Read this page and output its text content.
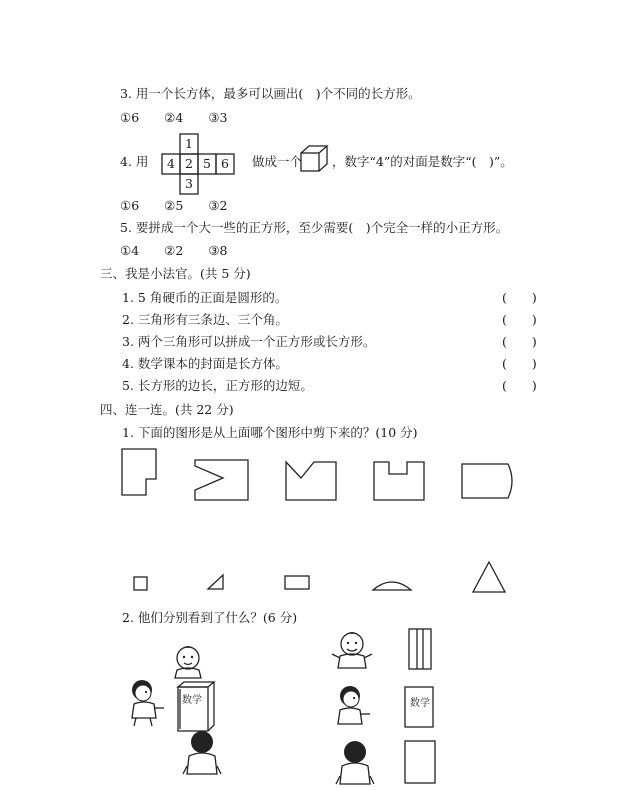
3. 用一个长方体，最多可以画出(　)个不同的长方形。
①6　　②4　　③3
4. 用
1
4 2 5 6
3
做成一个 ，数字“4”的对面是数字“(　)”。
①6　　②5　　③2
5. 要拼成一个大一些的正方形，至少需要(　)个完全一样的小正方形。
①4　　②2　　③8
三、我是小法官。(共 5 分)
1. 5 角硬币的正面是圆形的。	(　　)
2. 三角形有三条边、三个角。	(　　)
3. 两个三角形可以拼成一个正方形或长方形。	(　　)
4. 数学课本的封面是长方体。	(　　)
5. 长方形的边长，正方形的边短。	(　　)
四、连一连。(共 22 分)
1. 下面的图形是从上面哪个图形中剪下来的？(10 分)
2. 他们分别看到了什么？(6 分)
数学	数学
